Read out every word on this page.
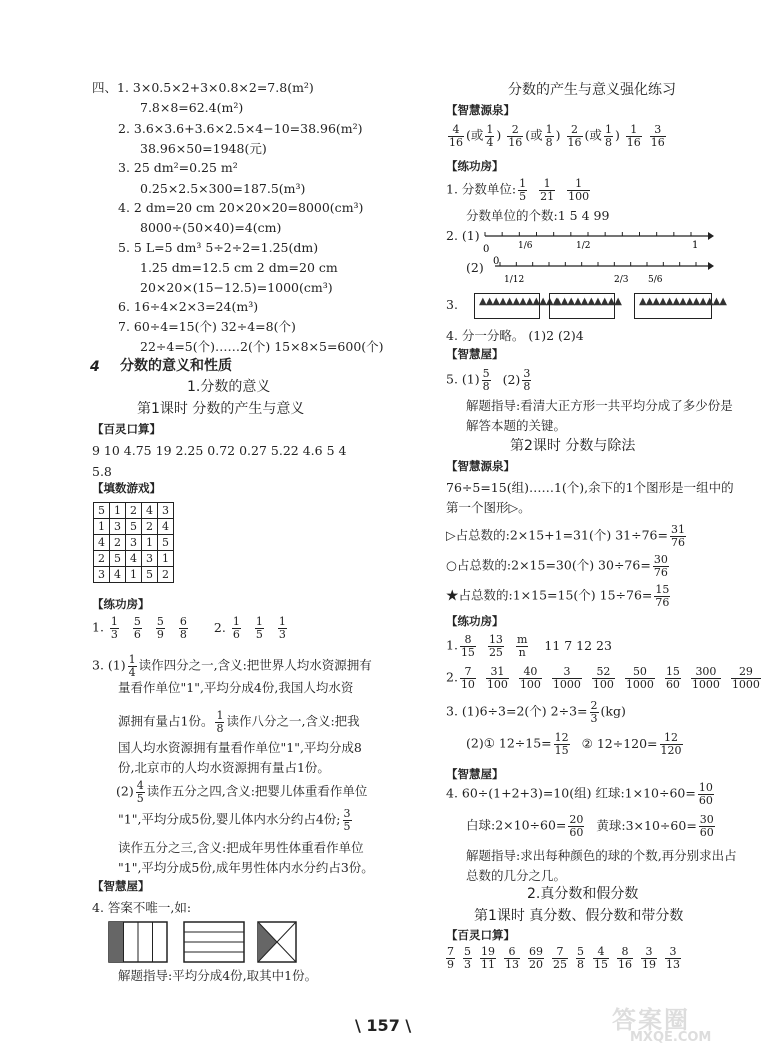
四、1. 3×0.5×2+3×0.8×2=7.8(m²)
7.8×8=62.4(m²)
2. 3.6×3.6+3.6×2.5×4−10=38.96(m²)
38.96×50=1948(元)
3. 25 dm²=0.25 m²
0.25×2.5×300=187.5(m³)
4. 2 dm=20 cm 20×20×20=8000(cm³)
8000÷(50×40)=4(cm)
5. 5 L=5 dm³ 5÷2÷2=1.25(dm)
1.25 dm=12.5 cm 2 dm=20 cm
20×20×(15−12.5)=1000(cm³)
6. 16÷4×2×3=24(m³)
7. 60÷4=15(个) 32÷4=8(个)
22÷4=5(个)……2(个) 15×8×5=600(个)
4 分数的意义和性质
1.分数的意义
第1课时 分数的产生与意义
【百灵口算】
9 10 4.75 19 2.25 0.72 0.27 5.22 4.6 5 4
5.8
【填数游戏】
5	1	2	4	3
1	3	5	2	4
4	2	3	1	5
2	5	4	3	1
3	4	1	5	2
【练功房】
1. $\frac{1}{3} \frac{5}{6} \frac{5}{9} \frac{6}{8} 2$. $\frac{1}{6} \frac{1}{5} \frac{1}{3}$
3. $(1) \frac{1}{4}$ 读作四分之一,含义:把世界人均水资源拥有
量看作单位"1",平均分成4份,我国人均水资
源拥有量占1份。 $\frac{1}{8}$ 读作八分之一,含义:把我
国人均水资源拥有量看作单位"1",平均分成8
份,北京市的人均水资源拥有量占1份。
$(2) \frac{4}{5}$ 读作五分之四,含义:把婴儿体重看作单位
"1",平均分成5份,婴儿体内水分约占4份; $\frac{3}{5}$
读作五分之三,含义:把成年男性体重看作单位
"1",平均分成5份,成年男性体内水分约占3份。
【智慧屋】
4. 答案不唯一,如:
解题指导:平均分成4份,取其中1份。
分数的产生与意义强化练习
【智慧源泉】
$\frac{4}{16}$ (或 $\frac{1}{4}$ ) $\frac{2}{16}$ (或 $\frac{1}{8}$ ) $\frac{2}{16}$ (或 $\frac{1}{8}$ ) $\frac{1}{16}$
$\frac{3}{16}$
【练功房】
1. 分数单位: $\frac{1}{5} \frac{1}{21} \frac{1}{100}$
分数单位的个数:1 5 4 99
2. (1)
0	1/6	1/2	1
(2) 0
1/12	2/3 5/6
3.	▲▲▲▲▲▲▲▲▲▲▲▲
▲▲▲▲▲▲▲▲▲▲	▲▲▲▲▲▲▲▲▲▲▲▲▲
4. 分一分略。 (1)2 (2)4
【智慧屋】
5. $(1) \frac{5}{8} (2) \frac{3}{8}$
解题指导:看清大正方形一共平均分成了多少份是
解答本题的关键。
第2课时 分数与除法
【智慧源泉】
76÷5=15(组)……1(个),余下的1个图形是一组中的
第一个图形▷。
▷占总数的:2×15+1=31(个) $31\div 76= \frac{31}{76}$
○占总数的:2×15=30(个) $30\div 76= \frac{30}{76}$
★占总数的:1×15=15(个) $15\div 76= \frac{15}{76}$
【练功房】
1. $\frac{8}{15} \frac{13}{25} \frac{m}{n} 11$ 7 12 23
2. $\frac{7}{10} \frac{31}{100} \frac{40}{100} \frac{3}{1000} \frac{52}{100} \frac{50}{1000} \frac{15}{60} \frac{300}{1000} \frac{29}{1000}$
3. (1)6÷3=2(个) $2\div 3= \frac{2}{3} (kg)$
(2)① $12\div 15= \frac{12}{15}$ ② $12\div 120= \frac{12}{120}$
【智慧屋】
4. 60÷(1+2+3)=10(组) 红球:1×10÷60= $\frac{10}{60}$
白球:2×10÷60= $\frac{20}{60}$ 黄球:3×10÷60= $\frac{30}{60}$
解题指导:求出每种颜色的球的个数,再分别求出占
总数的几分之几。
2.真分数和假分数
第1课时 真分数、假分数和带分数
【百灵口算】
$\frac{7}{9} \frac{5}{3} \frac{19}{11} \frac{6}{13} \frac{69}{20} \frac{7}{25} \frac{5}{8} \frac{4}{15} \frac{8}{16} \frac{3}{19} \frac{3}{13}$
\ 157 \	答案圈
MXQE.COM
